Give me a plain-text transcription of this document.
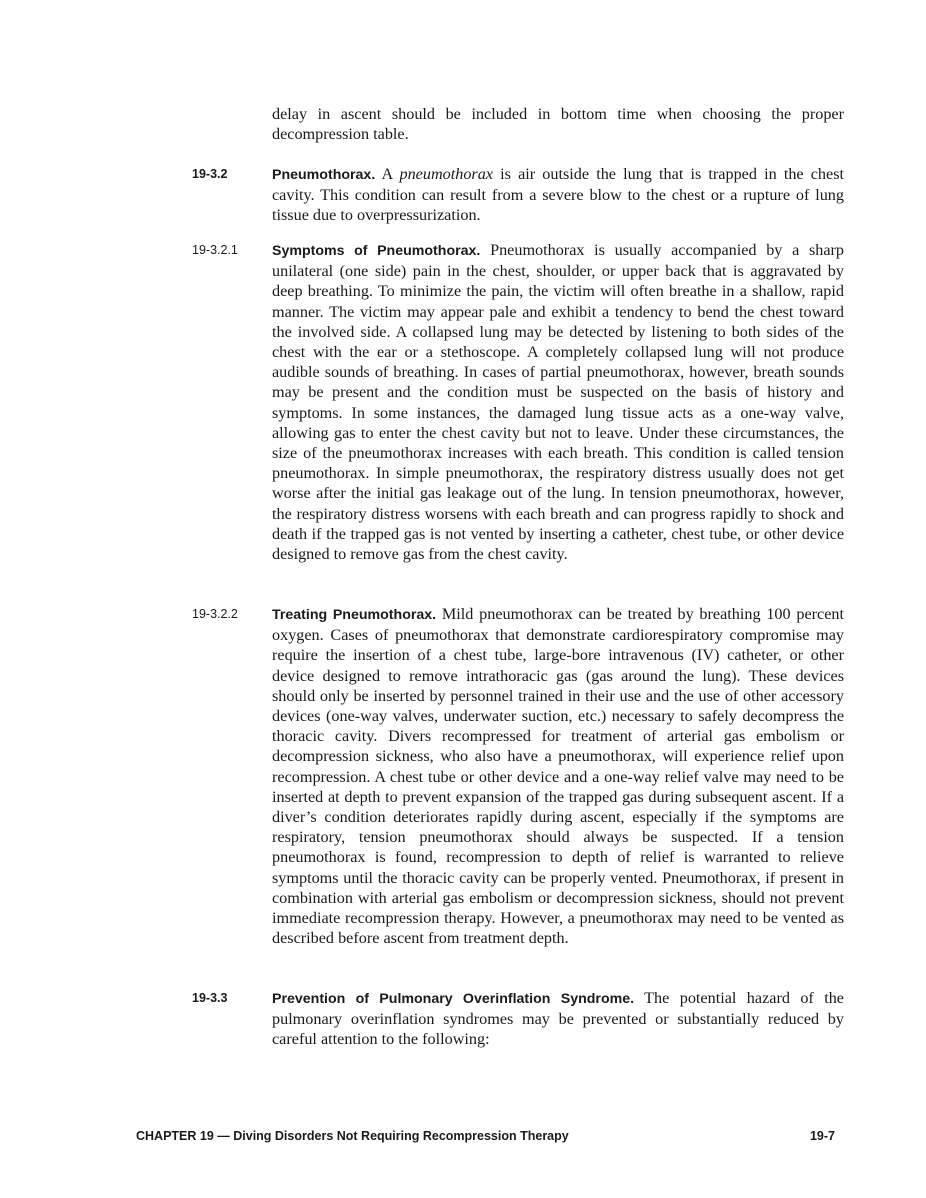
delay in ascent should be included in bottom time when choosing the proper decompression table.
19-3.2	Pneumothorax. A pneumothorax is air outside the lung that is trapped in the chest cavity. This condition can result from a severe blow to the chest or a rupture of lung tissue due to overpressurization.
19-3.2.1	Symptoms of Pneumothorax. Pneumothorax is usually accompanied by a sharp unilateral (one side) pain in the chest, shoulder, or upper back that is aggravated by deep breathing. To minimize the pain, the victim will often breathe in a shallow, rapid manner. The victim may appear pale and exhibit a tendency to bend the chest toward the involved side. A collapsed lung may be detected by listening to both sides of the chest with the ear or a stethoscope. A completely collapsed lung will not produce audible sounds of breathing. In cases of partial pneumothorax, however, breath sounds may be present and the condition must be suspected on the basis of history and symptoms. In some instances, the damaged lung tissue acts as a one-way valve, allowing gas to enter the chest cavity but not to leave. Under these circumstances, the size of the pneumothorax increases with each breath. This condition is called tension pneumothorax. In simple pneumothorax, the respiratory distress usually does not get worse after the initial gas leakage out of the lung. In tension pneumothorax, however, the respiratory distress worsens with each breath and can progress rapidly to shock and death if the trapped gas is not vented by inserting a catheter, chest tube, or other device designed to remove gas from the chest cavity.
19-3.2.2	Treating Pneumothorax. Mild pneumothorax can be treated by breathing 100 percent oxygen. Cases of pneumothorax that demonstrate cardiorespiratory compromise may require the insertion of a chest tube, large-bore intravenous (IV) catheter, or other device designed to remove intrathoracic gas (gas around the lung). These devices should only be inserted by personnel trained in their use and the use of other accessory devices (one-way valves, underwater suction, etc.) necessary to safely decompress the thoracic cavity. Divers recompressed for treatment of arterial gas embolism or decompression sickness, who also have a pneumothorax, will experience relief upon recompression. A chest tube or other device and a one-way relief valve may need to be inserted at depth to prevent expansion of the trapped gas during subsequent ascent. If a diver’s condition deteriorates rapidly during ascent, especially if the symptoms are respiratory, tension pneumothorax should always be suspected. If a tension pneumothorax is found, recompression to depth of relief is warranted to relieve symptoms until the thoracic cavity can be properly vented. Pneumothorax, if present in combination with arterial gas embolism or decompression sickness, should not prevent immediate recompression therapy. However, a pneumothorax may need to be vented as described before ascent from treatment depth.
19-3.3	Prevention of Pulmonary Overinflation Syndrome. The potential hazard of the pulmonary overinflation syndromes may be prevented or substantially reduced by careful attention to the following:
CHAPTER 19 — Diving Disorders Not Requiring Recompression Therapy	19-7
